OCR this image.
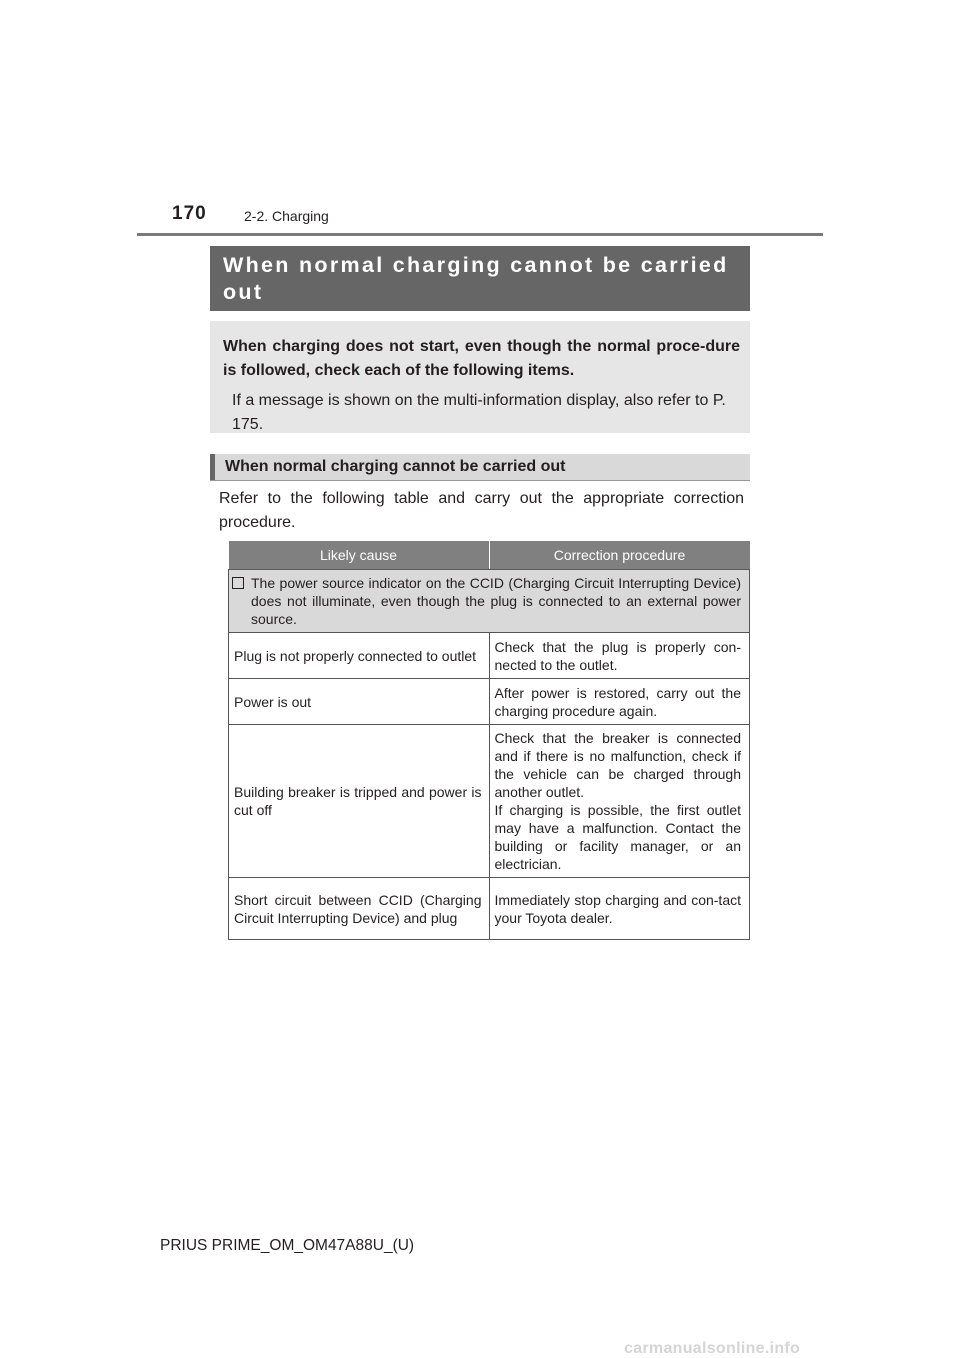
170	2-2. Charging
When normal charging cannot be carried out
When charging does not start, even though the normal proce-dure is followed, check each of the following items.
If a message is shown on the multi-information display, also refer to P. 175.
When normal charging cannot be carried out
Refer to the following table and carry out the appropriate correction procedure.
Likely cause	Correction procedure
The power source indicator on the CCID (Charging Circuit Interrupting Device) does not illuminate, even though the plug is connected to an external power source.	
Plug is not properly connected to outlet	Check that the plug is properly con-nected to the outlet.
Power is out	After power is restored, carry out the charging procedure again.
Building breaker is tripped and power is cut off	Check that the breaker is connected and if there is no malfunction, check if the vehicle can be charged through another outlet.
If charging is possible, the first outlet may have a malfunction. Contact the building or facility manager, or an electrician.

Short circuit between CCID (Charging Circuit Interrupting Device) and plug	Immediately stop charging and con-tact your Toyota dealer.
PRIUS PRIME_OM_OM47A88U_(U)
carmanualsonline.info
